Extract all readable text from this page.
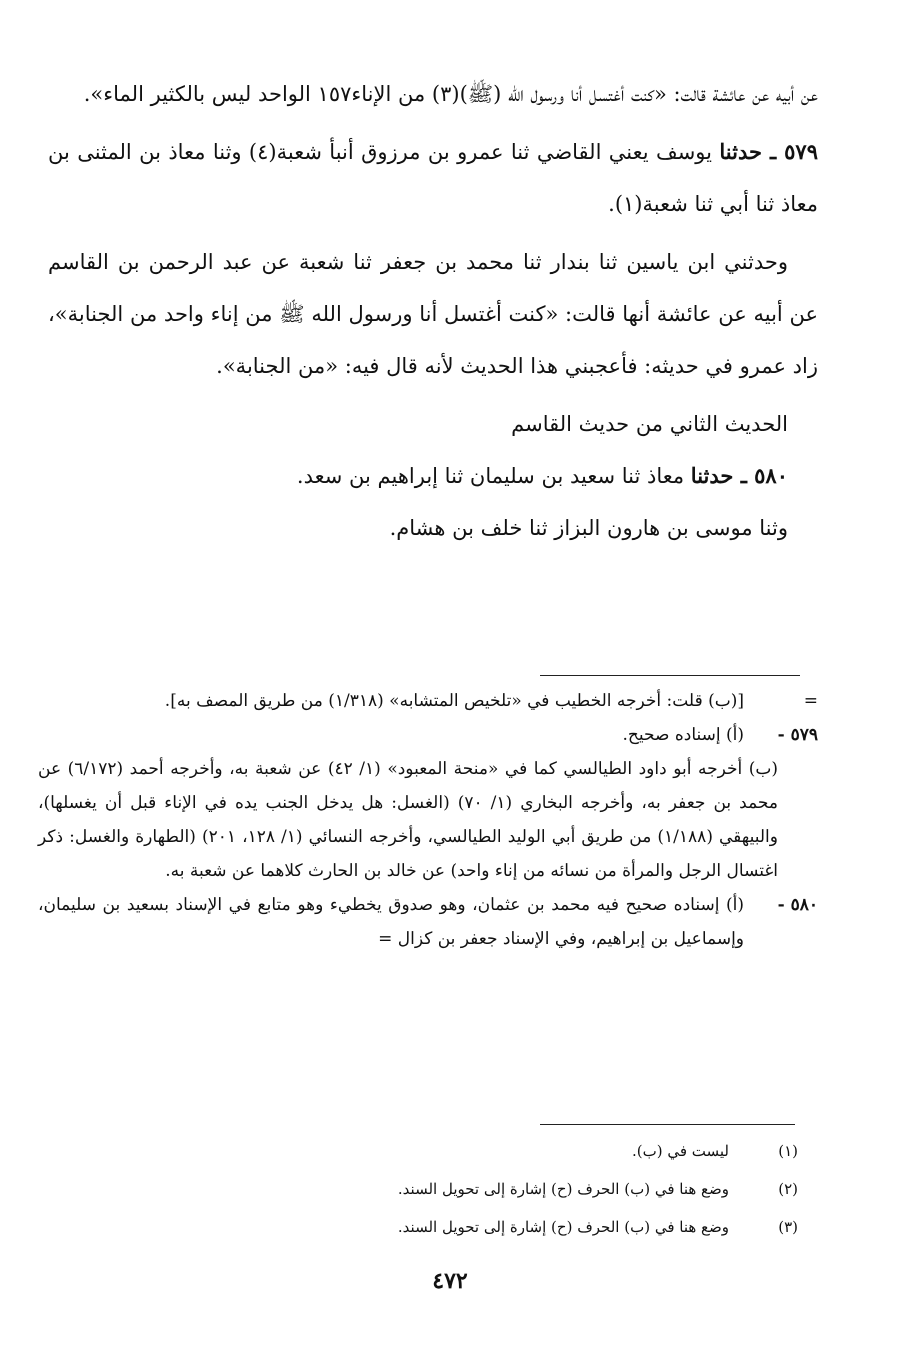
عن أبيه عن عائشة قالت: «كنت أغتسل أنا ورسول الله (ﷺ)(٣) من الإناء١٥٧ الواحد ليس بالكثير الماء».

٥٧٩ ـ حدثنا يوسف يعني القاضي ثنا عمرو بن مرزوق أنبأ شعبة(٤) وثنا معاذ بن المثنى بن معاذ ثنا أبي ثنا شعبة(١).

وحدثني ابن ياسين ثنا بندار ثنا محمد بن جعفر ثنا شعبة عن عبد الرحمن بن القاسم عن أبيه عن عائشة أنها قالت: «كنت أغتسل أنا ورسول الله ﷺ من إناء واحد من الجنابة»، زاد عمرو في حديثه: فأعجبني هذا الحديث لأنه قال فيه: «من الجنابة».

الحديث الثاني من حديث القاسم

٥٨٠ ـ حدثنا معاذ ثنا سعيد بن سليمان ثنا إبراهيم بن سعد.

وثنا موسى بن هارون البزاز ثنا خلف بن هشام.

=
[(ب) قلت: أخرجه الخطيب في «تلخيص المتشابه» (١/٣١٨) من طريق المصف به].
٥٧٩ -
(أ) إسناده صحيح.
(ب) أخرجه أبو داود الطيالسي كما في «منحة المعبود» (١/ ٤٢) عن شعبة به، وأخرجه أحمد (٦/١٧٢) عن محمد بن جعفر به، وأخرجه البخاري (١/ ٧٠) (الغسل: هل يدخل الجنب يده في الإناء قبل أن يغسلها)، والبيهقي (١/١٨٨) من طريق أبي الوليد الطيالسي، وأخرجه النسائي (١/ ١٢٨، ٢٠١) (الطهارة والغسل: ذكر اغتسال الرجل والمرأة من نسائه من إناء واحد) عن خالد بن الحارث كلاهما عن شعبة به.
٥٨٠ -
(أ) إسناده صحيح فيه محمد بن عثمان، وهو صدوق يخطيء وهو متابع في الإسناد بسعيد بن سليمان، وإسماعيل بن إبراهيم، وفي الإسناد جعفر بن كزال =
(١)
ليست في (ب).
(٢)
وضع هنا في (ب) الحرف (ح) إشارة إلى تحويل السند.
(٣)
وضع هنا في (ب) الحرف (ح) إشارة إلى تحويل السند.
٤٧٢
